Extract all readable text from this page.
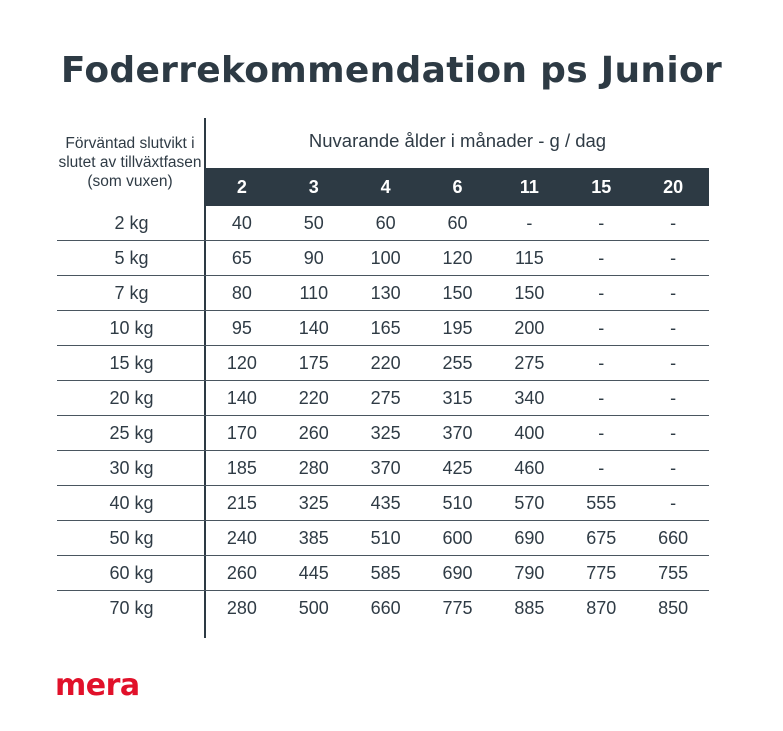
Foderrekommendation ps Junior
Förväntad slutvikt i slutet av tillväxtfasen (som vuxen)
Nuvarande ålder i månader - g / dag
2	3	4	6	11	15	20
2 kg	40	50	60	60	-	-	-
5 kg	65	90	100	120	115	-	-
7 kg	80	110	130	150	150	-	-
10 kg	95	140	165	195	200	-	-
15 kg	120	175	220	255	275	-	-
20 kg	140	220	275	315	340	-	-
25 kg	170	260	325	370	400	-	-
30 kg	185	280	370	425	460	-	-
40 kg	215	325	435	510	570	555	-
50 kg	240	385	510	600	690	675	660
60 kg	260	445	585	690	790	775	755
70 kg	280	500	660	775	885	870	850
mera
